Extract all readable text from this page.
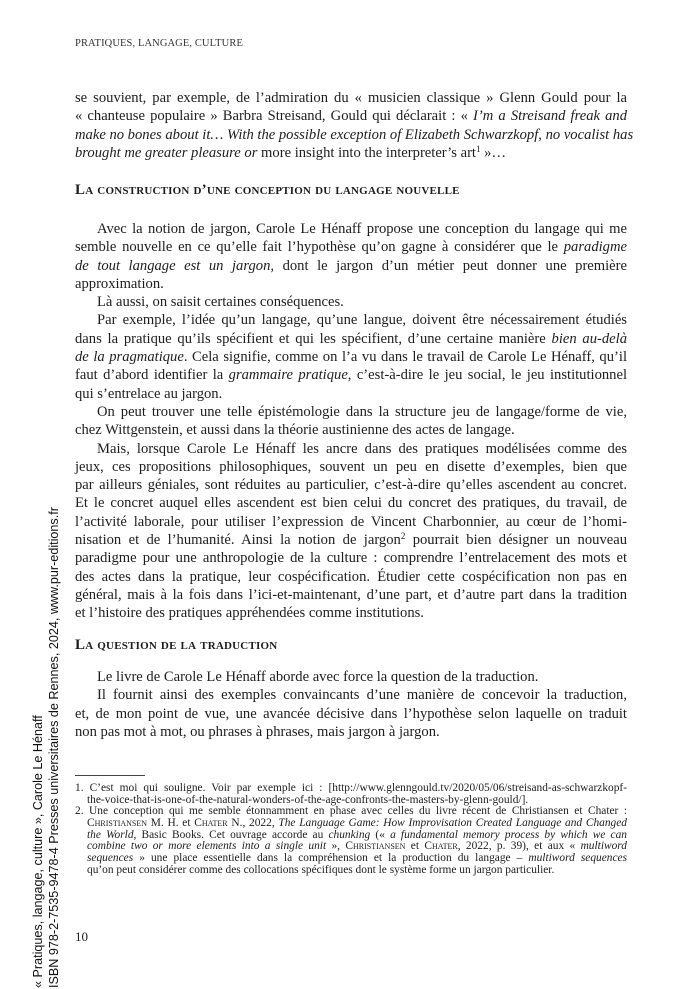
PRATIQUES, LANGAGE, CULTURE
se souvient, par exemple, de l’admiration du « musicien classique » Glenn Gould pour la
« chanteuse populaire » Barbra Streisand, Gould qui déclarait : « I’m a Streisand freak and
make no bones about it… With the possible exception of Elizabeth Schwarzkopf, no vocalist has
brought me greater pleasure or more insight into the interpreter’s art$^1$ »…
La construction d’une conception du langage nouvelle
Avec la notion de jargon, Carole Le Hénaff propose une conception du langage qui me
semble nouvelle en ce qu’elle fait l’hypothèse qu’on gagne à considérer que le paradigme
de tout langage est un jargon, dont le jargon d’un métier peut donner une première
approximation.
Là aussi, on saisit certaines conséquences.
Par exemple, l’idée qu’un langage, qu’une langue, doivent être nécessairement étudiés
dans la pratique qu’ils spécifient et qui les spécifient, d’une certaine manière bien au-delà
de la pragmatique. Cela signifie, comme on l’a vu dans le travail de Carole Le Hénaff, qu’il
faut d’abord identifier la grammaire pratique, c’est-à-dire le jeu social, le jeu institutionnel
qui s’entrelace au jargon.
On peut trouver une telle épistémologie dans la structure jeu de langage/forme de vie,
chez Wittgenstein, et aussi dans la théorie austinienne des actes de langage.
Mais, lorsque Carole Le Hénaff les ancre dans des pratiques modélisées comme des
jeux, ces propositions philosophiques, souvent un peu en disette d’exemples, bien que
par ailleurs géniales, sont réduites au particulier, c’est-à-dire qu’elles ascendent au concret.
Et le concret auquel elles ascendent est bien celui du concret des pratiques, du travail, de
l’activité laborale, pour utiliser l’expression de Vincent Charbonnier, au cœur de l’homi-
nisation et de l’humanité. Ainsi la notion de jargon$^2$ pourrait bien désigner un nouveau
paradigme pour une anthropologie de la culture : comprendre l’entrelacement des mots et
des actes dans la pratique, leur cospécification. Étudier cette cospécification non pas en
général, mais à la fois dans l’ici-et-maintenant, d’une part, et d’autre part dans la tradition
et l’histoire des pratiques appréhendées comme institutions.
La question de la traduction
Le livre de Carole Le Hénaff aborde avec force la question de la traduction.
Il fournit ainsi des exemples convaincants d’une manière de concevoir la traduction,
et, de mon point de vue, une avancée décisive dans l’hypothèse selon laquelle on traduit
non pas mot à mot, ou phrases à phrases, mais jargon à jargon.
1. C’est moi qui souligne. Voir par exemple ici : [http://www.glenngould.tv/2020/05/06/streisand-as-schwarzkopf-
the-voice-that-is-one-of-the-natural-wonders-of-the-age-confronts-the-masters-by-glenn-gould/].
2. Une conception qui me semble étonnamment en phase avec celles du livre récent de Christiansen et Chater :
Christiansen M. H. et Chater N., 2022, The Language Game: How Improvisation Created Language and Changed
the World, Basic Books. Cet ouvrage accorde au chunking (« a fundamental memory process by which we can
combine two or more elements into a single unit », Christiansen et Chater, 2022, p. 39), et aux « multiword
sequences » une place essentielle dans la compréhension et la production du langage – multiword sequences
qu’on peut considérer comme des collocations spécifiques dont le système forme un jargon particulier.
10
« Pratiques, langage, culture », Carole Le Hénaff ISBN 978-2-7535-9478-4 Presses universitaires de Rennes, 2024, www.pur-editions.fr
